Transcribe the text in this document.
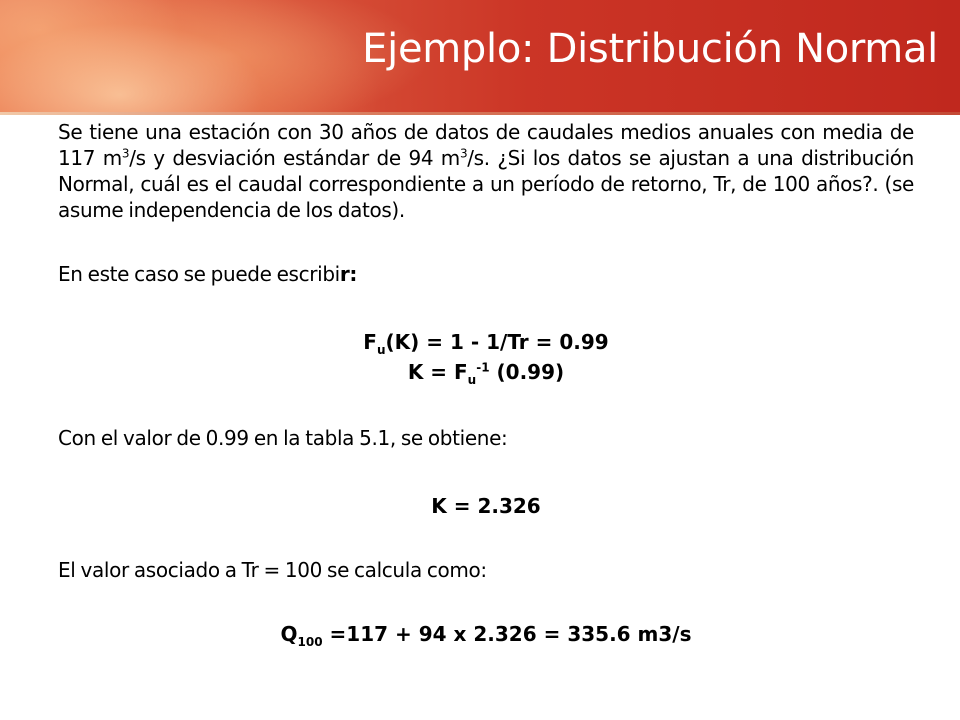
Ejemplo: Distribución Normal

Se tiene una estación con 30 años de datos de caudales medios anuales con media de 117 $m^3/s$ y desviación estándar de 94 $m^3/s$. ¿Si los datos se ajustan a una distribución Normal, cuál es el caudal correspondiente a un período de retorno, Tr, de 100 años?. (se asume independencia de los datos).

En este caso se puede escribir:

$F_u(K) = 1 - 1/Tr = 0.99$
$K = F_u^{-1}$ (0.99)

Con el valor de 0.99 en la tabla 5.1, se obtiene:

K = 2.326

El valor asociado a Tr = 100 se calcula como:

$Q_{100} =117 + 94$ x 2.326 = 335.6 m3/s
